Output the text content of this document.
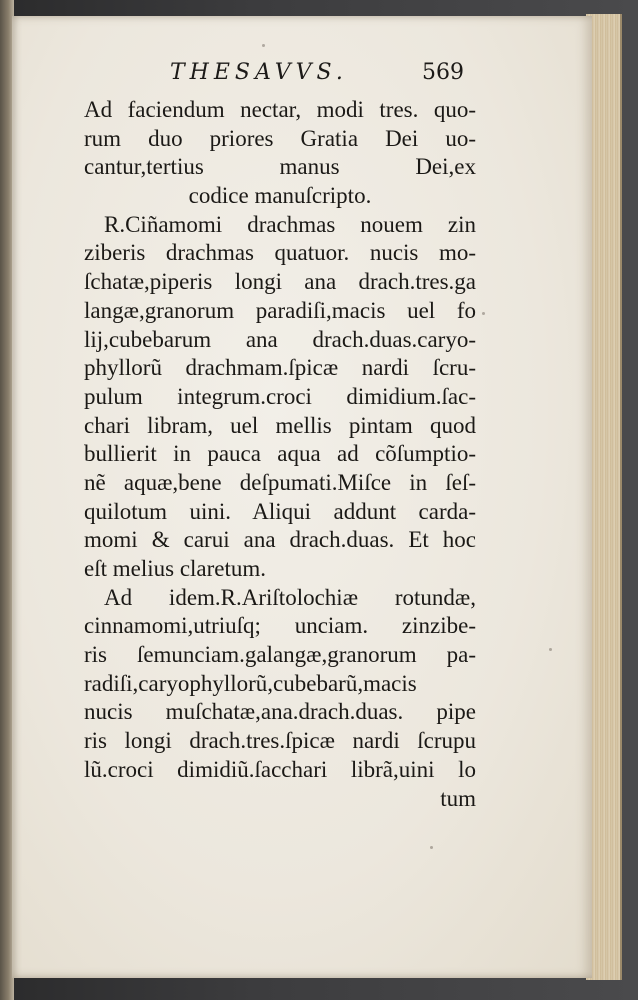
THESAVVS.	569
Ad faciendum nectar, modi tres. quo-
rum duo priores Gratia Dei uo-
cantur,tertius manus Dei,ex
codice manuſcripto.
R.Ciñamomi drachmas nouem zin
ziberis drachmas quatuor. nucis mo-
ſchatæ,piperis longi ana drach.tres.ga
langæ,granorum paradiſi,macis uel fo
lij,cubebarum ana drach.duas.caryo-
phyllorũ drachmam.ſpicæ nardi ſcru-
pulum integrum.croci dimidium.ſac-
chari libram, uel mellis pintam quod
bullierit in pauca aqua ad cõſumptio-
nẽ aquæ,bene deſpumati.Miſce in ſeſ-
quilotum uini. Aliqui addunt carda-
momi & carui ana drach.duas. Et hoc
eſt melius claretum.
Ad idem.R.Ariſtolochiæ rotundæ,
cinnamomi,utriuſq; unciam. zinzibe-
ris ſemunciam.galangæ,granorum pa-
radiſi,caryophyllorũ,cubebarũ,macis
nucis muſchatæ,ana.drach.duas. pipe
ris longi drach.tres.ſpicæ nardi ſcrupu
lũ.croci dimidiũ.ſacchari librã,uini lo
tum
